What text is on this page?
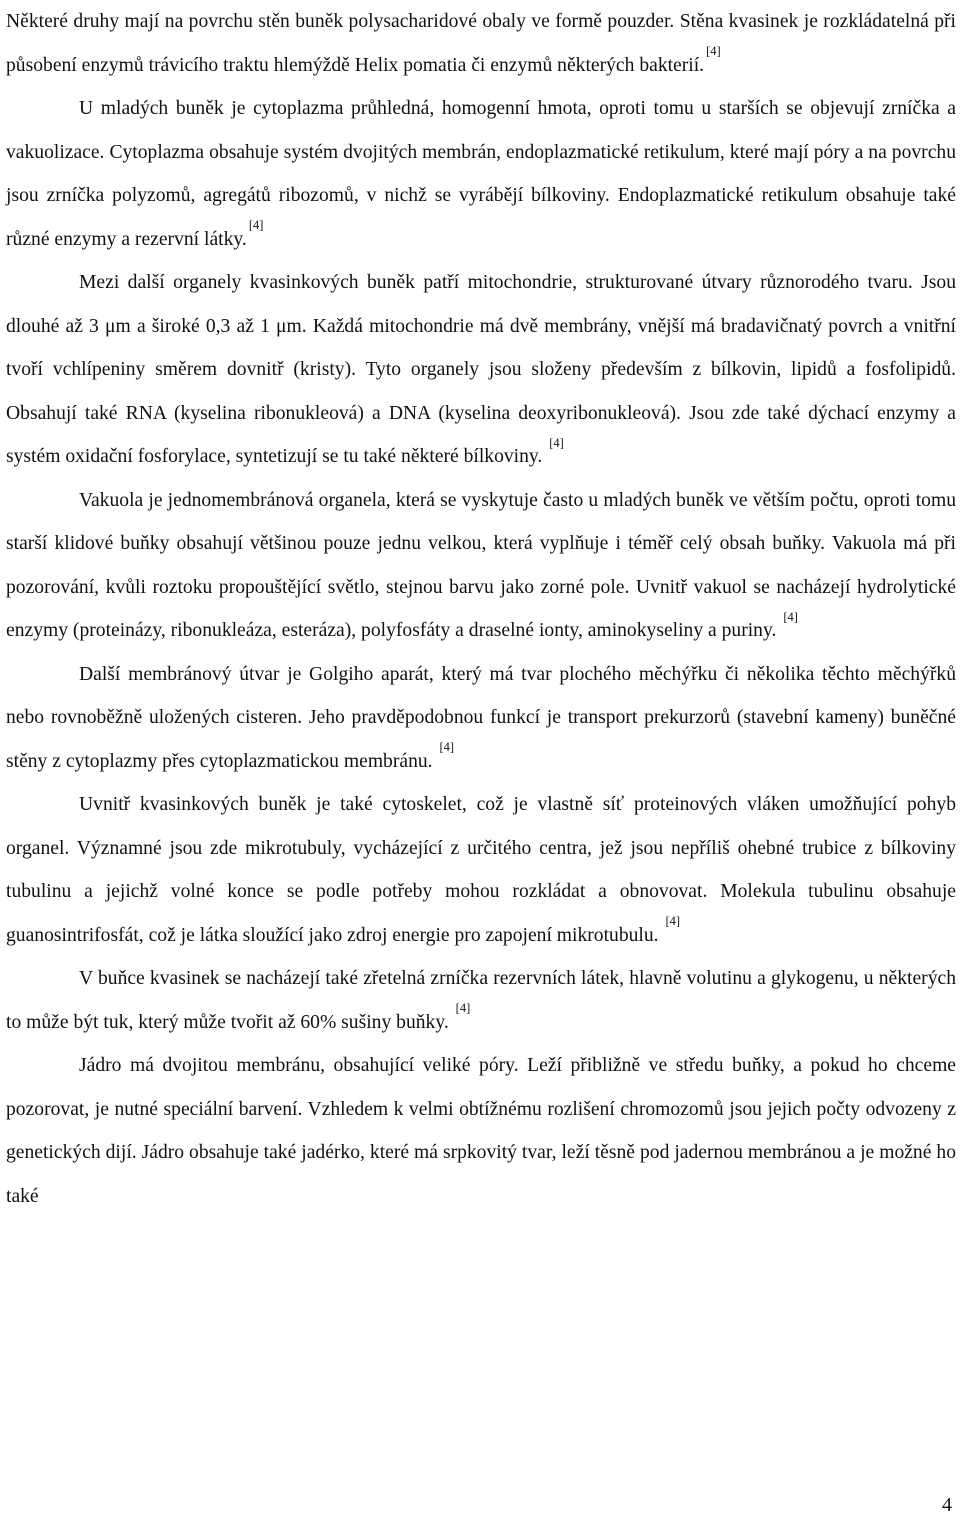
Některé druhy mají na povrchu stěn buněk polysacharidové obaly ve formě pouzder. Stěna kvasinek je rozkládatelná při působení enzymů trávicího traktu hlemýždě Helix pomatia či enzymů některých bakterií.[4]

U mladých buněk je cytoplazma průhledná, homogenní hmota, oproti tomu u starších se objevují zrníčka a vakuolizace. Cytoplazma obsahuje systém dvojitých membrán, endoplazmatické retikulum, které mají póry a na povrchu jsou zrníčka polyzomů, agregátů ribozomů, v nichž se vyrábějí bílkoviny. Endoplazmatické retikulum obsahuje také různé enzymy a rezervní látky.[4]

Mezi další organely kvasinkových buněk patří mitochondrie, strukturované útvary různorodého tvaru. Jsou dlouhé až 3 μm a široké 0,3 až 1 μm. Každá mitochondrie má dvě membrány, vnější má bradavičnatý povrch a vnitřní tvoří vchlípeniny směrem dovnitř (kristy). Tyto organely jsou složeny především z bílkovin, lipidů a fosfolipidů. Obsahují také RNA (kyselina ribonukleová) a DNA (kyselina deoxyribonukleová). Jsou zde také dýchací enzymy a systém oxidační fosforylace, syntetizují se tu také některé bílkoviny. [4]

Vakuola je jednomembránová organela, která se vyskytuje často u mladých buněk ve větším počtu, oproti tomu starší klidové buňky obsahují většinou pouze jednu velkou, která vyplňuje i téměř celý obsah buňky. Vakuola má při pozorování, kvůli roztoku propouštějící světlo, stejnou barvu jako zorné pole. Uvnitř vakuol se nacházejí hydrolytické enzymy (proteinázy, ribonukleáza, esteráza), polyfosfáty a draselné ionty, aminokyseliny a puriny. [4]

Další membránový útvar je Golgiho aparát, který má tvar plochého měchýřku či několika těchto měchýřků nebo rovnoběžně uložených cisteren. Jeho pravděpodobnou funkcí je transport prekurzorů (stavební kameny) buněčné stěny z cytoplazmy přes cytoplazmatickou membránu. [4]

Uvnitř kvasinkových buněk je také cytoskelet, což je vlastně síť proteinových vláken umožňující pohyb organel. Významné jsou zde mikrotubuly, vycházející z určitého centra, jež jsou nepříliš ohebné trubice z bílkoviny tubulinu a jejichž volné konce se podle potřeby mohou rozkládat a obnovovat. Molekula tubulinu obsahuje guanosintrifosfát, což je látka sloužící jako zdroj energie pro zapojení mikrotubulu. [4]

V buňce kvasinek se nacházejí také zřetelná zrníčka rezervních látek, hlavně volutinu a glykogenu, u některých to může být tuk, který může tvořit až 60% sušiny buňky. [4]

Jádro má dvojitou membránu, obsahující veliké póry. Leží přibližně ve středu buňky, a pokud ho chceme pozorovat, je nutné speciální barvení. Vzhledem k velmi obtížnému rozlišení chromozomů jsou jejich počty odvozeny z genetických dijí. Jádro obsahuje také jadérko, které má srpkovitý tvar, leží těsně pod jadernou membránou a je možné ho také

4
